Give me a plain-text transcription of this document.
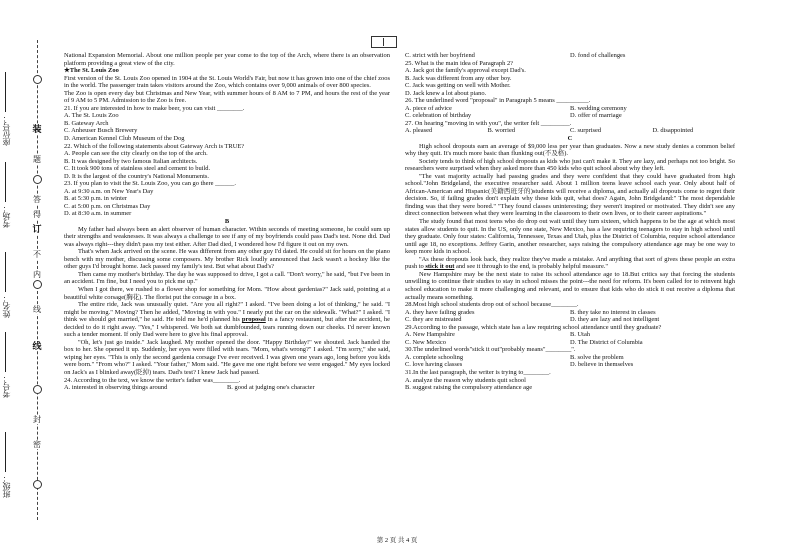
班级：
考号：
姓名：
考场：
座位号：	装
订
线
密
封
线
内
不
得
答
题

National Expansion Memorial. About one million people per year come to the top of the Arch, where there is an observation platform providing a great view of the city.

★The St. Louis Zoo

First version of the St. Louis Zoo opened in 1904 at the St. Louis World's Fair, but now it has grown into one of the chief zoos in the world. The passenger train takes visitors around the Zoo, which contains over 9,000 animals of over 800 species.

The Zoo is open every day but Christmas and New Year, with summer hours of 8 AM to 7 PM, and hours the rest of the year of 9 AM to 5 PM. Admission to the Zoo is free.

21. If you are interested in how to make beer, you can visit ________.

A. The St. Louis Zoo

B. Gateway Arch

C. Anheuser Busch Brewery

D. American Kennel Club Museum of the Dog

22. Which of the following statements about Gateway Arch is TRUE?

A. People can see the city clearly on the top of the arch.

B. It was designed by two famous Italian architects.

C. It took 900 tons of stainless steel and cement to build.

D. It is the largest of the country's National Monuments.

23. If you plan to visit the St. Louis Zoo, you can go there ______.

A. at 9:30 a.m. on New Year's Day

B. at 5:30 p.m. in winter

C. at 5:00 p.m. on Christmas Day

D. at 8:30 a.m. in summer

B

My father had always been an alert observer of human character. Within seconds of meeting someone, he could sum up their strengths and weaknesses. It was always a challenge to see if any of my boyfriends could pass Dad's test. None did. Dad was always right---they didn't pass my test either. After Dad died, I wondered how I'd figure it out on my own.

That's when Jack arrived on the scene. He was different from any other guy I'd dated. He could sit for hours on the piano bench with my mother, discussing some composers. My brother Rick loudly announced that Jack wasn't a hockey like the other guys I'd brought home. Jack passed my family's test. But what about Dad's?

Then came my mother's birthday. The day he was supposed to drive, I got a call. "Don't worry," he said, "but I've been in an accident. I'm fine, but I need you to pick me up."

When I got there, we rushed to a flower shop for something for Mom. "How about gardenias?" Jack said, pointing at a beautiful white corsage(胸花). The florist put the corsage in a box.

The entire ride, Jack was unusually quiet. "Are you all right?" I asked. "I've been doing a lot of thinking," he said. "I might be moving." Moving? Then he added, "Moving in with you." I nearly put the car on the sidewalk. "What?" I asked. "I think we should get married," he said. He told me he'd planned his proposal in a fancy restaurant, but after the accident, he decided to do it right away. "Yes," I whispered. We both sat dumbfounded, tears running down our cheeks. I'd never known such a tender moment. If only Dad were here to give his final approval.

"Oh, let's just go inside." Jack laughed. My mother opened the door. "Happy Birthday!" we shouted. Jack handed the box to her. She opened it up. Suddenly, her eyes were filled with tears. "Mom, what's wrong?" I asked. "I'm sorry," she said, wiping her eyes. "This is only the second gardenia corsage I've ever received. I was given one years ago, long before you kids were born." "From who?" I asked. "Your father," Mom said. "He gave me one right before we were engaged." My eyes locked on Jack's as I blinked away(眨掉) tears. Dad's test? I knew Jack had passed.

24. According to the text, we know the writer's father was________.

A. interested in observing things around	B. good at judging one's character
C. strict with her boyfriend	D. fond of challenges

25. What is the main idea of Paragraph 2?

A. Jack got the family's approval except Dad's.

B. Jack was different from any other boy.

C. Jack was getting on well with Mother.

D. Jack knew a lot about piano.

26. The underlined word "proposal" in Paragraph 5 means __________.

A. piece of advice	B. wedding ceremony
C. celebration of birthday	D. offer of marriage

27. On hearing "moving in with you", the writer felt _________.

A. pleased	B. worried	C. surprised	D. disappointed

C

High school dropouts earn an average of $9,000 less per year than graduates. Now a new study denies a common belief why they quit. It's much more basic than flunking out(不及格).

Society tends to think of high school dropouts as kids who just can't make it. They are lazy, and perhaps not too bright. So researchers were surprised when they asked more than 450 kids who quit school about why they left.

"The vast majority actually had passing grades and they were confident that they could have graduated from high school."John Bridgeland, the executive researcher said. About 1 million teens leave school each year. Only about half of African-American and Hispanic(美籍西班牙的)students will receive a diploma, and actually all dropouts come to regret their decision. So, if failing grades don't explain why these kids quit, what does? Again, John Bridgeland:" The most dependable finding was that they were bored." "They found classes uninteresting; they weren't inspired or motivated. They didn't see any direct connection between what they were learning in the classroom to their own lives, or to their career aspirations."

The study found that most teens who do drop out wait until they turn sixteen, which happens to be the age at which most states allow students to quit. In the US, only one state, New Mexico, has a law requiring teenagers to stay in high school until they graduate. Only four states: California, Tennessee, Texas and Utah, plus the District of Columbia, require school attendance until age 18, no exceptions. Jeffrey Garin, another researcher, says raising the compulsory attendance age may be one way to keep more kids in school.

"As these dropouts look back, they realize they've made a mistake. And anything that sort of gives these people an extra push to stick it out and see it through to the end, is probably helpful measure."

New Hampshire may be the next state to raise its school attendance age to 18.But critics say that forcing the students unwilling to continue their studies to stay in school misses the point---the need for reform. It's been called for to reinvent high school education to make it more challenging and relevant, and to ensure that kids who do stick it out receive a diploma that actually means something.

28.Most high school students drop out of school because________.

A. they have failing grades	B. they take no interest in classes
C. they are mistreated	D. they are lazy and not intelligent

29.According to the passage, which state has a law requiring school attendance until they graduate?

A. New Hampshire	B. Utah
C. New Mexico	D. The District of Columbia

30.The underlined words"stick it out"probably means"________".

A. complete schooling	B. solve the problem
C. love having classes	D. believe in themselves

31.In the last paragraph, the writer is trying to________.

A. analyze the reason why students quit school

B. suggest raising the compulsory attendance age

第 2 页 共 4 页
